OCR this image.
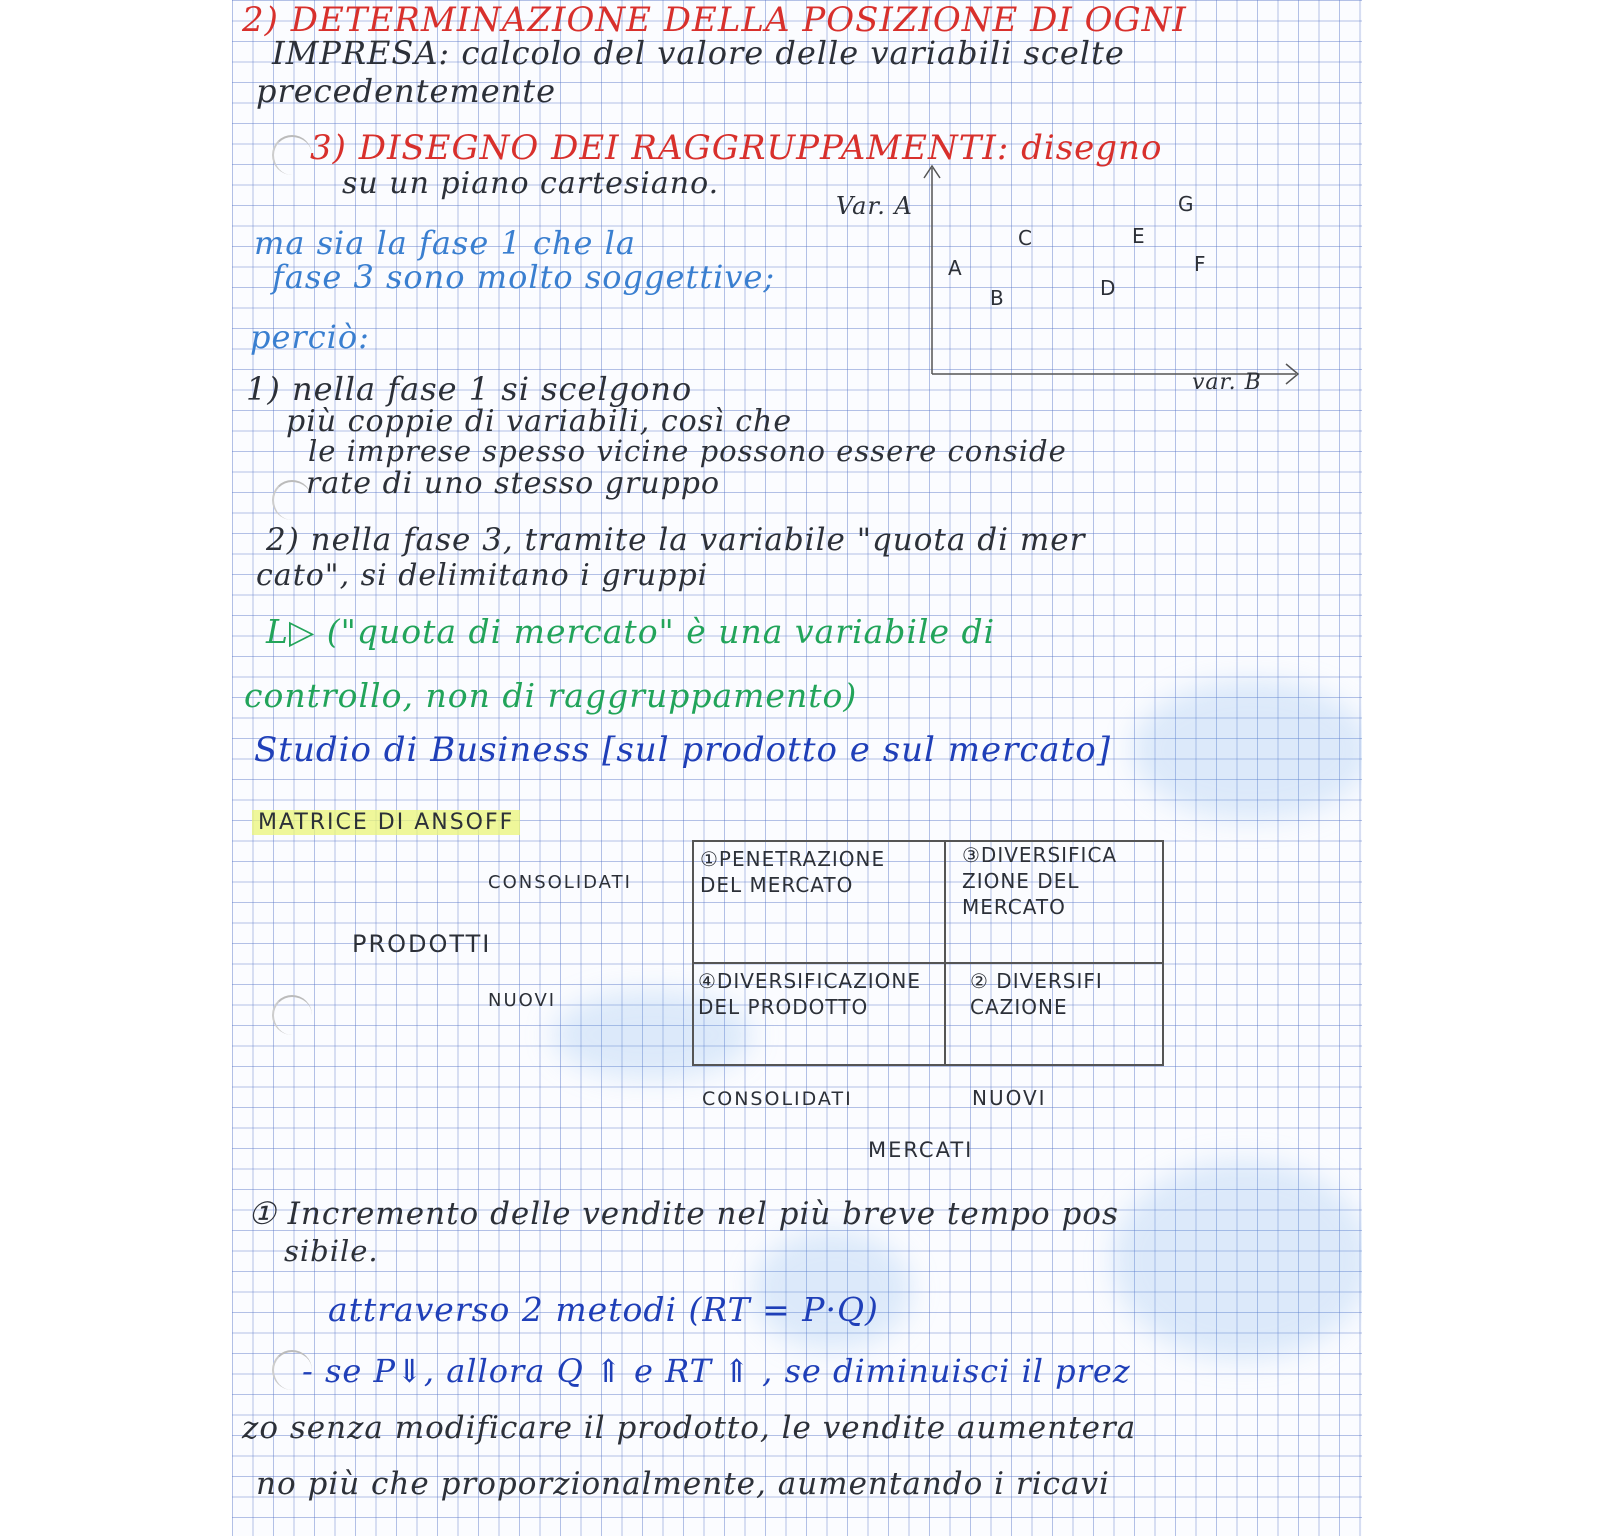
2) DETERMINAZIONE DELLA POSIZIONE DI OGNI
IMPRESA: calcolo del valore delle variabili scelte
precedentemente
3) DISEGNO DEI RAGGRUPPAMENTI: disegno
su un piano cartesiano.
ma sia la fase 1 che la
fase 3 sono molto soggettive;
perciò:
1) nella fase 1 si scelgono
più coppie di variabili, così che
le imprese spesso vicine possono essere conside
rate di uno stesso gruppo
2) nella fase 3, tramite la variabile "quota di mer
cato", si delimitano i gruppi
L▷ ("quota di mercato" è una variabile di
controllo, non di raggruppamento)
Studio di Business [sul prodotto e sul mercato]
MATRICE DI ANSOFF
CONSOLIDATI
PRODOTTI
NUOVI
①PENETRAZIONE
DEL MERCATO
③DIVERSIFICA
ZIONE DEL
MERCATO
④DIVERSIFICAZIONE
DEL PRODOTTO
② DIVERSIFI
CAZIONE
CONSOLIDATI	NUOVI
MERCATI
① Incremento delle vendite nel più breve tempo pos
sibile.
attraverso 2 metodi (RT = P·Q)
- se P⇓, allora Q ⇑ e RT ⇑ , se diminuisci il prez
zo senza modificare il prodotto, le vendite aumentera
no più che proporzionalmente, aumentando i ricavi
Var. A
var. B
A
B
C
D
E
F
G
